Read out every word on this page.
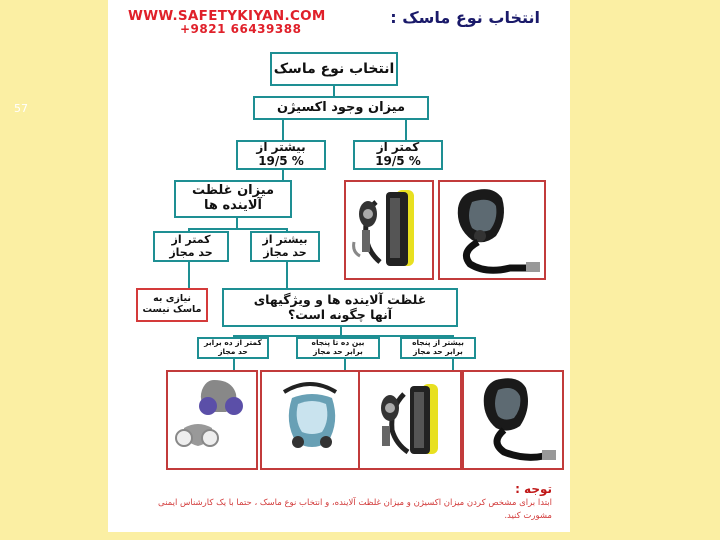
57
WWW.SAFETYKIYAN.COM
+9821 66439388
انتخاب نوع ماسک :
انتخاب نوع ماسک
میزان وجود اکسیژن
بیشتر از
19/5 %
کمتر از
19/5 %
میزان غلظت
آلاینده ها
کمتر از
حد مجاز
بیشتر از
حد مجاز
نیازی به
ماسک نیست
غلظت آلاینده ها و ویژگیهای
آنها چگونه است؟
کمتر از ده برابر
حد مجاز
بین ده تا پنجاه
برابر حد مجاز
بیشتر از پنجاه
برابر حد مجاز
توجه :
ابتدا برای مشخص کردن میزان اکسیژن و میزان غلظت آلاینده، و انتخاب نوع ماسک ، حتما با یک کارشناس ایمنی مشورت کنید.
